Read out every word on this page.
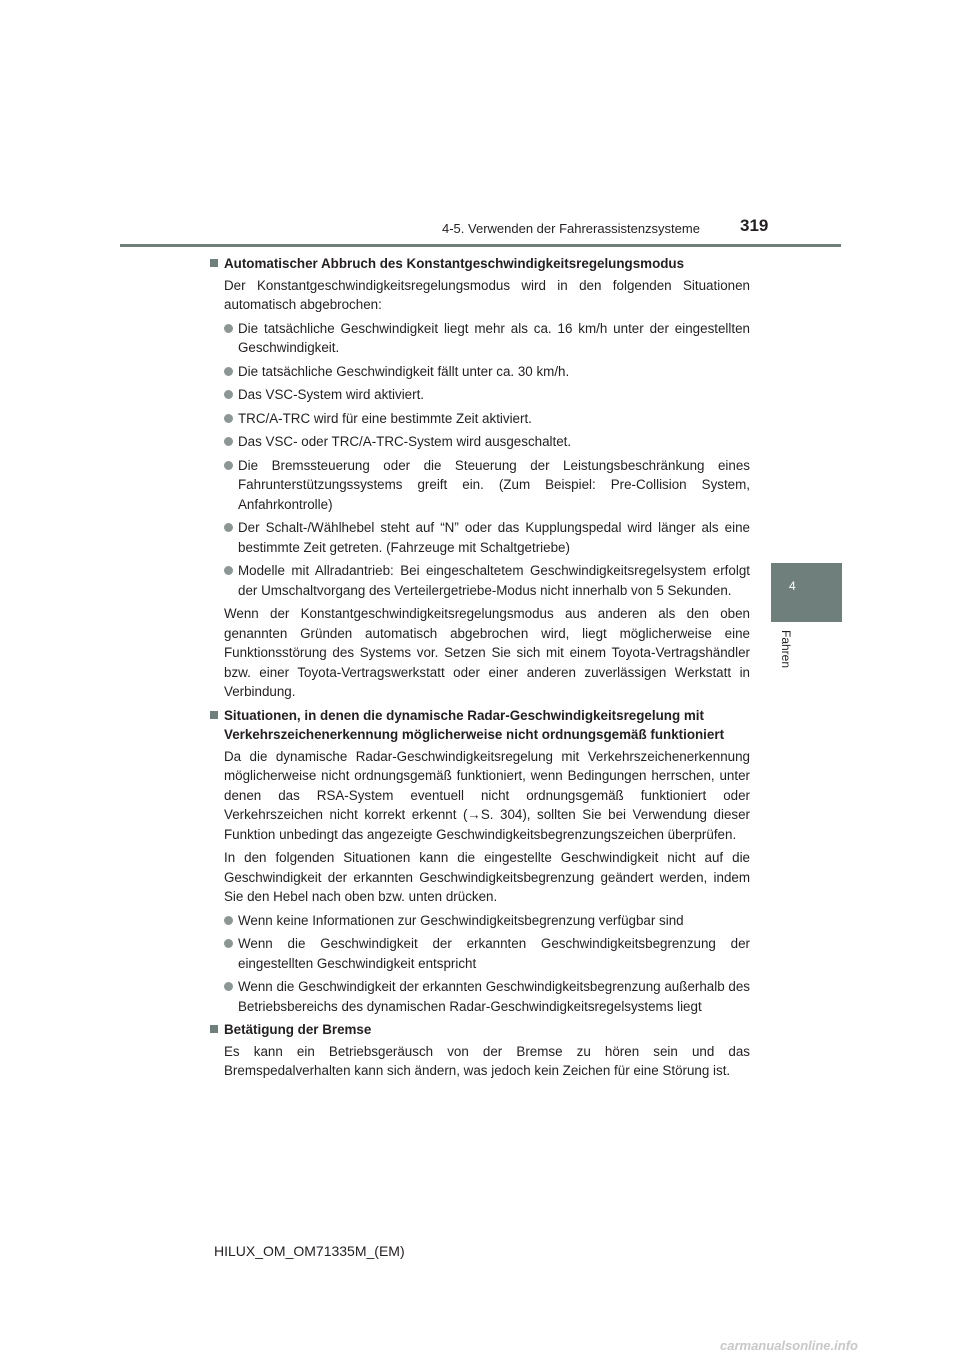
4-5. Verwenden der Fahrerassistenzsysteme 319
4
Fahren
Automatischer Abbruch des Konstantgeschwindigkeitsregelungsmodus
Der Konstantgeschwindigkeitsregelungsmodus wird in den folgenden Situationen automatisch abgebrochen:
Die tatsächliche Geschwindigkeit liegt mehr als ca. 16 km/h unter der eingestellten Geschwindigkeit.
Die tatsächliche Geschwindigkeit fällt unter ca. 30 km/h.
Das VSC-System wird aktiviert.
TRC/A-TRC wird für eine bestimmte Zeit aktiviert.
Das VSC- oder TRC/A-TRC-System wird ausgeschaltet.
Die Bremssteuerung oder die Steuerung der Leistungsbeschränkung eines Fahrunterstützungssystems greift ein. (Zum Beispiel: Pre-Collision System, Anfahrkontrolle)
Der Schalt-/Wählhebel steht auf “N” oder das Kupplungspedal wird länger als eine bestimmte Zeit getreten. (Fahrzeuge mit Schaltgetriebe)
Modelle mit Allradantrieb: Bei eingeschaltetem Geschwindigkeitsregelsystem erfolgt der Umschaltvorgang des Verteilergetriebe-Modus nicht innerhalb von 5 Sekunden.
Wenn der Konstantgeschwindigkeitsregelungsmodus aus anderen als den oben genannten Gründen automatisch abgebrochen wird, liegt möglicherweise eine Funktionsstörung des Systems vor. Setzen Sie sich mit einem Toyota-Vertragshändler bzw. einer Toyota-Vertragswerkstatt oder einer anderen zuverlässigen Werkstatt in Verbindung.
Situationen, in denen die dynamische Radar-Geschwindigkeitsregelung mit Verkehrszeichenerkennung möglicherweise nicht ordnungsgemäß funktioniert
Da die dynamische Radar-Geschwindigkeitsregelung mit Verkehrszeichenerkennung möglicherweise nicht ordnungsgemäß funktioniert, wenn Bedingungen herrschen, unter denen das RSA-System eventuell nicht ordnungsgemäß funktioniert oder Verkehrszeichen nicht korrekt erkennt (→S. 304), sollten Sie bei Verwendung dieser Funktion unbedingt das angezeigte Geschwindigkeitsbegrenzungszeichen überprüfen.
In den folgenden Situationen kann die eingestellte Geschwindigkeit nicht auf die Geschwindigkeit der erkannten Geschwindigkeitsbegrenzung geändert werden, indem Sie den Hebel nach oben bzw. unten drücken.
Wenn keine Informationen zur Geschwindigkeitsbegrenzung verfügbar sind
Wenn die Geschwindigkeit der erkannten Geschwindigkeitsbegrenzung der eingestellten Geschwindigkeit entspricht
Wenn die Geschwindigkeit der erkannten Geschwindigkeitsbegrenzung außerhalb des Betriebsbereichs des dynamischen Radar-Geschwindigkeitsregelsystems liegt
Betätigung der Bremse
Es kann ein Betriebsgeräusch von der Bremse zu hören sein und das Bremspedalverhalten kann sich ändern, was jedoch kein Zeichen für eine Störung ist.
HILUX_OM_OM71335M_(EM)
carmanualsonline.info
